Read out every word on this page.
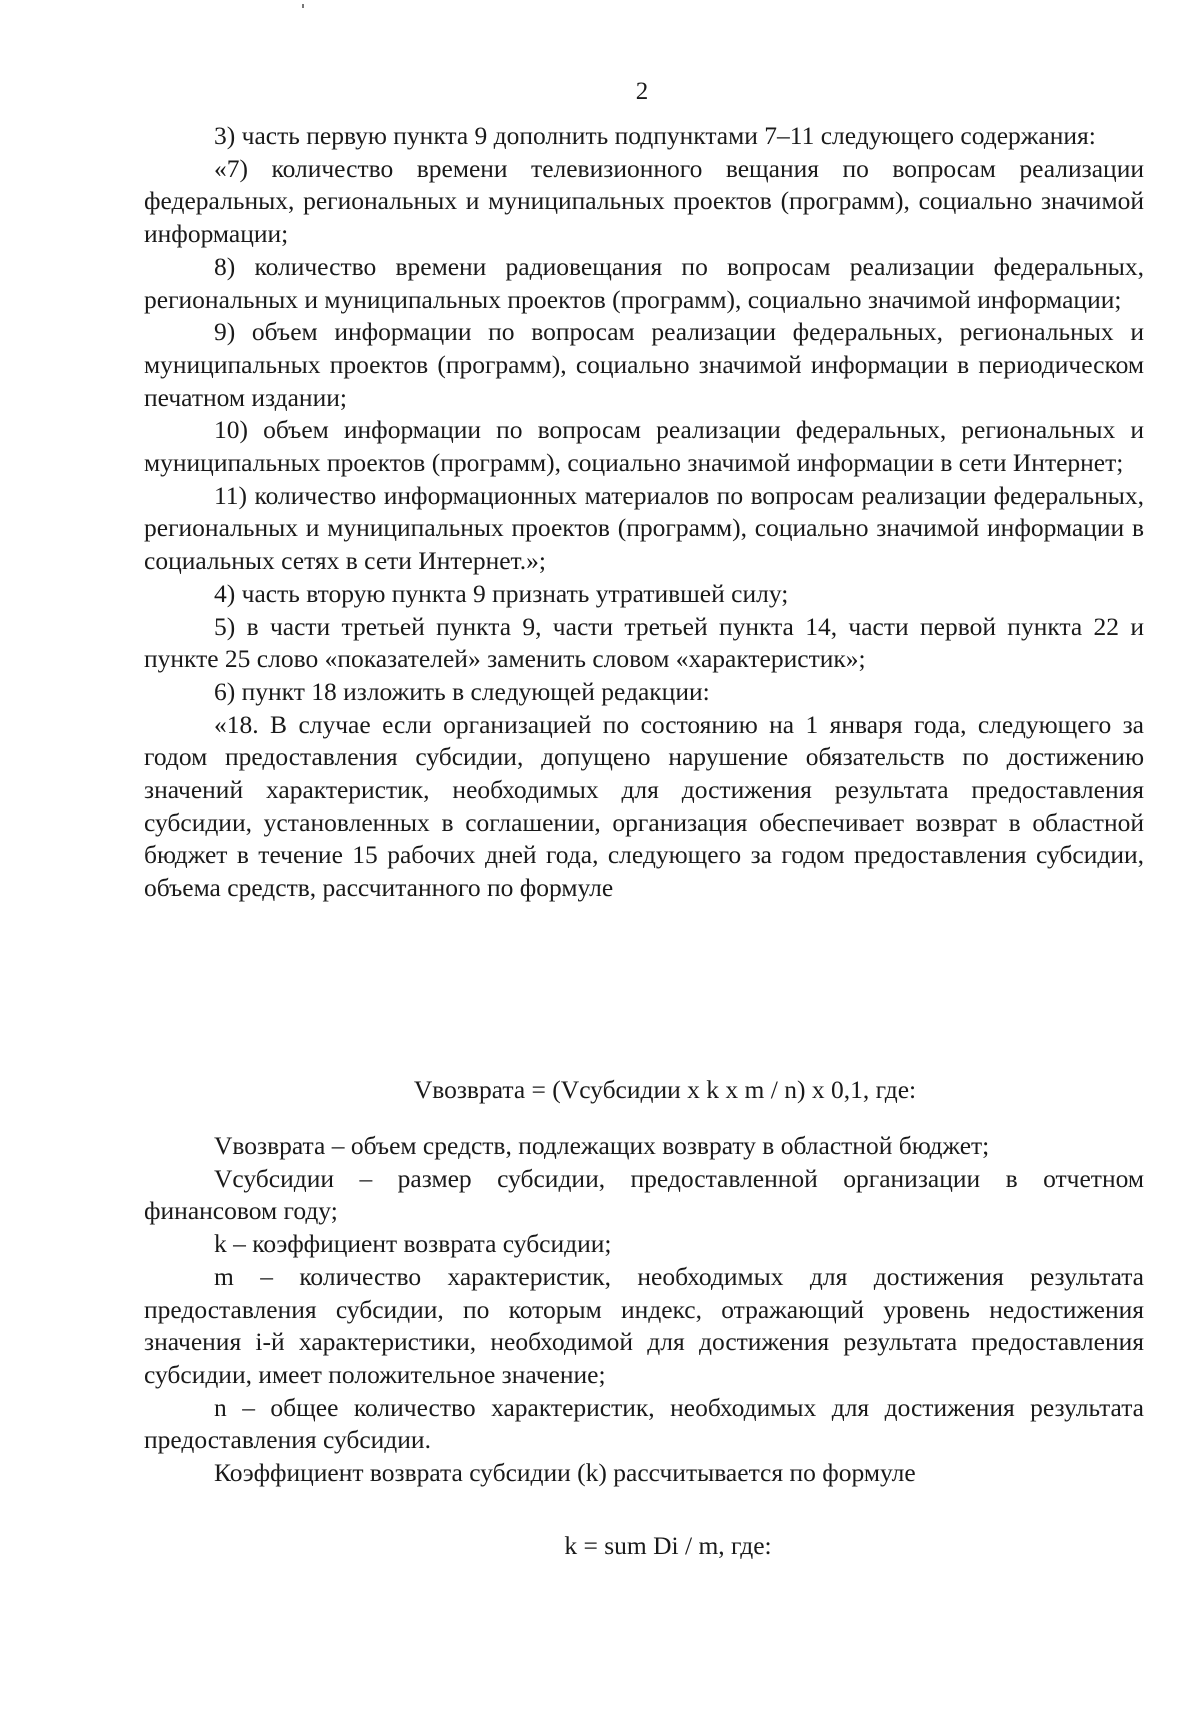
2

3) часть первую пункта 9 дополнить подпунктами 7–11 следующего содержания:

«7) количество времени телевизионного вещания по вопросам реализации федеральных, региональных и муниципальных проектов (программ), социально значимой информации;

8) количество времени радиовещания по вопросам реализации федеральных, региональных и муниципальных проектов (программ), социально значимой информации;

9) объем информации по вопросам реализации федеральных, региональных и муниципальных проектов (программ), социально значимой информации в периодическом печатном издании;

10) объем информации по вопросам реализации федеральных, региональных и муниципальных проектов (программ), социально значимой информации в сети Интернет;

11) количество информационных материалов по вопросам реализации федеральных, региональных и муниципальных проектов (программ), социально значимой информации в социальных сетях в сети Интернет.»;

4) часть вторую пункта 9 признать утратившей силу;

5) в части третьей пункта 9, части третьей пункта 14, части первой пункта 22 и пункте 25 слово «показателей» заменить словом «характеристик»;

6) пункт 18 изложить в следующей редакции:

«18. В случае если организацией по состоянию на 1 января года, следующего за годом предоставления субсидии, допущено нарушение обязательств по достижению значений характеристик, необходимых для достижения результата предоставления субсидии, установленных в соглашении, организация обеспечивает возврат в областной бюджет в течение 15 рабочих дней года, следующего за годом предоставления субсидии, объема средств, рассчитанного по формуле

Vвозврата = (Vсубсидии x k x m / n) x 0,1, где:

Vвозврата – объем средств, подлежащих возврату в областной бюджет;

Vсубсидии – размер субсидии, предоставленной организации в отчетном финансовом году;

k – коэффициент возврата субсидии;

m – количество характеристик, необходимых для достижения результата предоставления субсидии, по которым индекс, отражающий уровень недостижения значения i-й характеристики, необходимой для достижения результата предоставления субсидии, имеет положительное значение;

n – общее количество характеристик, необходимых для достижения результата предоставления субсидии.

Коэффициент возврата субсидии (k) рассчитывается по формуле

k = sum Di / m, где:
